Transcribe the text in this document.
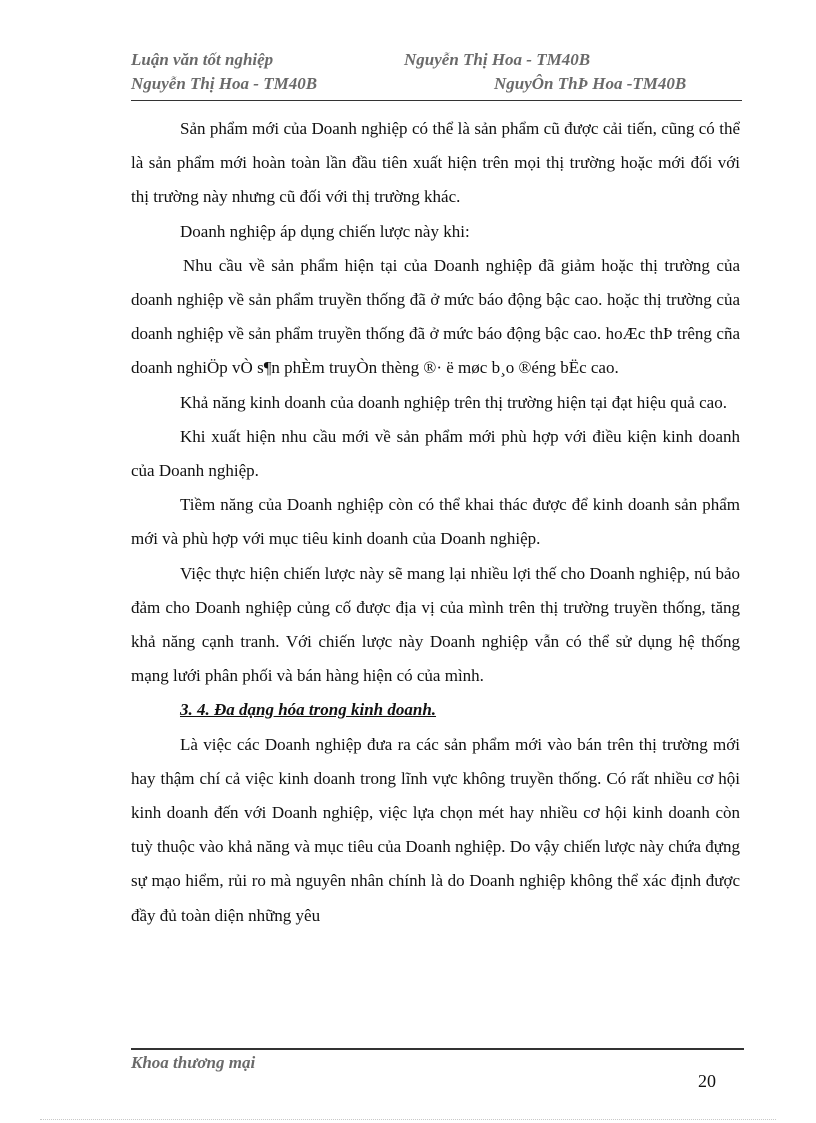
Luận văn tốt nghiệp	Nguyễn Thị Hoa - TM40B
Nguyễn Thị Hoa - TM40B	NguyÔn ThÞ Hoa -TM40B

Sản phẩm mới của Doanh nghiệp có thể là sản phẩm cũ được cải tiến, cũng có thể là sản phẩm mới hoàn toàn lần đầu tiên xuất hiện trên mọi thị trường hoặc mới đối với thị trường này nhưng cũ đối với thị trường khác.

Doanh nghiệp áp dụng chiến lược này khi:

Nhu cầu về sản phẩm hiện tại của Doanh nghiệp đã giảm hoặc thị trường của doanh nghiệp về sản phẩm truyền thống đã ở mức báo động bậc cao. hoặc thị trường của doanh nghiệp về sản phẩm truyền thống đã ở mức báo động bậc cao. hoÆc thÞ trêng cña doanh nghiÖp vÒ s¶n phÈm truyÒn thèng ®· ë møc b¸o ®éng bËc cao.

Khả năng kinh doanh của doanh nghiệp trên thị trường hiện tại đạt hiệu quả cao.

Khi xuất hiện nhu cầu mới về sản phẩm mới phù hợp với điều kiện kinh doanh của Doanh nghiệp.

Tiềm năng của Doanh nghiệp còn có thể khai thác được để kinh doanh sản phẩm mới và phù hợp với mục tiêu kinh doanh của Doanh nghiệp.

Việc thực hiện chiến lược này sẽ mang lại nhiều lợi thế cho Doanh nghiệp, nú bảo đảm cho Doanh nghiệp củng cố được địa vị của mình trên thị trường truyền thống, tăng khả năng cạnh tranh. Với chiến lược này Doanh nghiệp vẫn có thể sử dụng hệ thống mạng lưới phân phối và bán hàng hiện có của mình.

3. 4. Đa dạng hóa trong kinh doanh.

Là việc các Doanh nghiệp đưa ra các sản phẩm mới vào bán trên thị trường mới hay thậm chí cả việc kinh doanh trong lĩnh vực không truyền thống. Có rất nhiều cơ hội kinh doanh đến với Doanh nghiệp, việc lựa chọn mét hay nhiều cơ hội kinh doanh còn tuỳ thuộc vào khả năng và mục tiêu của Doanh nghiệp. Do vậy chiến lược này chứa đựng sự mạo hiểm, rủi ro mà nguyên nhân chính là do Doanh nghiệp không thể xác định được đầy đủ toàn diện những yêu

Khoa thương mại
20
